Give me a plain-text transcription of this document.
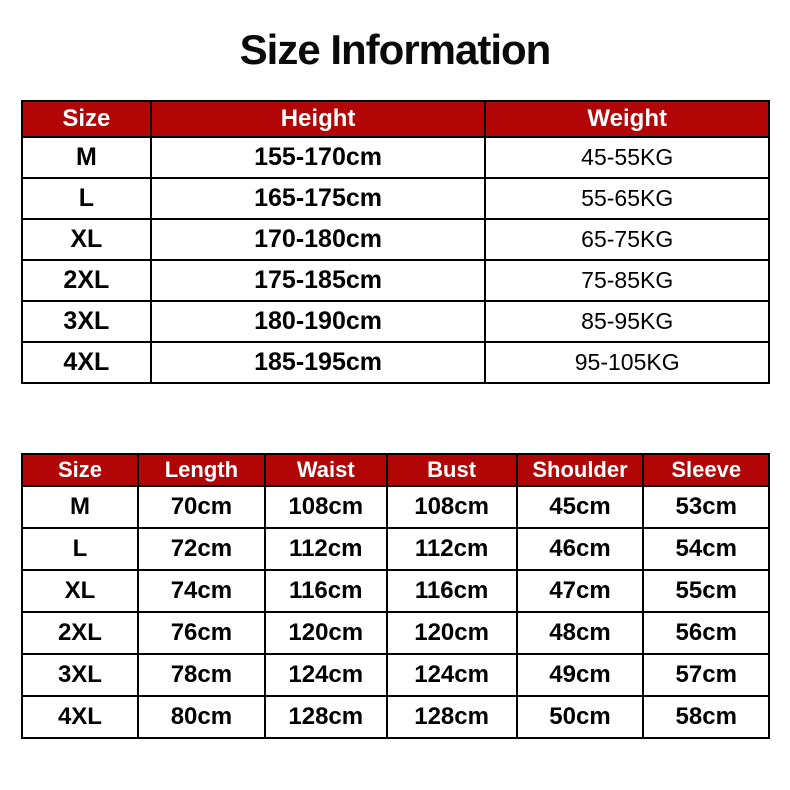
Size Information
Size	Height	Weight
M	155-170cm	45-55KG
L	165-175cm	55-65KG
XL	170-180cm	65-75KG
2XL	175-185cm	75-85KG
3XL	180-190cm	85-95KG
4XL	185-195cm	95-105KG
Size	Length	Waist	Bust	Shoulder	Sleeve
M	70cm	108cm	108cm	45cm	53cm
L	72cm	112cm	112cm	46cm	54cm
XL	74cm	116cm	116cm	47cm	55cm
2XL	76cm	120cm	120cm	48cm	56cm
3XL	78cm	124cm	124cm	49cm	57cm
4XL	80cm	128cm	128cm	50cm	58cm
